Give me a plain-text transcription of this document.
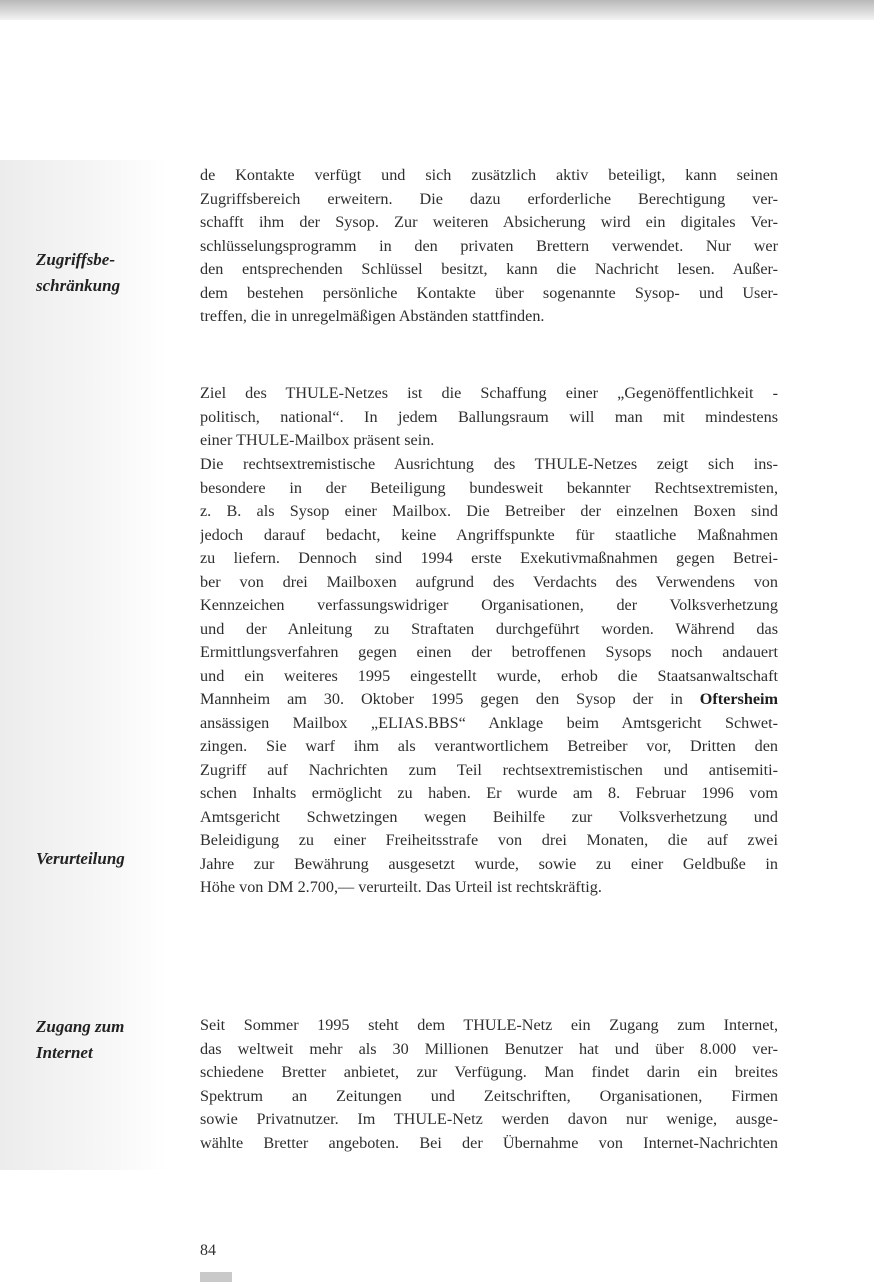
Zugriffsbe-
schränkung
Verurteilung
Zugang zum
Internet
de Kontakte verfügt und sich zusätzlich aktiv beteiligt, kann seinen
Zugriffsbereich erweitern. Die dazu erforderliche Berechtigung ver-
schafft ihm der Sysop. Zur weiteren Absicherung wird ein digitales Ver-
schlüsselungsprogramm in den privaten Brettern verwendet. Nur wer
den entsprechenden Schlüssel besitzt, kann die Nachricht lesen. Außer-
dem bestehen persönliche Kontakte über sogenannte Sysop- und User-
treffen, die in unregelmäßigen Abständen stattfinden.
Ziel des THULE-Netzes ist die Schaffung einer „Gegenöffentlichkeit -
politisch, national“. In jedem Ballungsraum will man mit mindestens
einer THULE-Mailbox präsent sein.
Die rechtsextremistische Ausrichtung des THULE-Netzes zeigt sich ins-
besondere in der Beteiligung bundesweit bekannter Rechtsextremisten,
z. B. als Sysop einer Mailbox. Die Betreiber der einzelnen Boxen sind
jedoch darauf bedacht, keine Angriffspunkte für staatliche Maßnahmen
zu liefern. Dennoch sind 1994 erste Exekutivmaßnahmen gegen Betrei-
ber von drei Mailboxen aufgrund des Verdachts des Verwendens von
Kennzeichen verfassungswidriger Organisationen, der Volksverhetzung
und der Anleitung zu Straftaten durchgeführt worden. Während das
Ermittlungsverfahren gegen einen der betroffenen Sysops noch andauert
und ein weiteres 1995 eingestellt wurde, erhob die Staatsanwaltschaft
Mannheim am 30. Oktober 1995 gegen den Sysop der in Oftersheim
ansässigen Mailbox „ELIAS.BBS“ Anklage beim Amtsgericht Schwet-
zingen. Sie warf ihm als verantwortlichem Betreiber vor, Dritten den
Zugriff auf Nachrichten zum Teil rechtsextremistischen und antisemiti-
schen Inhalts ermöglicht zu haben. Er wurde am 8. Februar 1996 vom
Amtsgericht Schwetzingen wegen Beihilfe zur Volksverhetzung und
Beleidigung zu einer Freiheitsstrafe von drei Monaten, die auf zwei
Jahre zur Bewährung ausgesetzt wurde, sowie zu einer Geldbuße in
Höhe von DM 2.700,— verurteilt. Das Urteil ist rechtskräftig.
Seit Sommer 1995 steht dem THULE-Netz ein Zugang zum Internet,
das weltweit mehr als 30 Millionen Benutzer hat und über 8.000 ver-
schiedene Bretter anbietet, zur Verfügung. Man findet darin ein breites
Spektrum an Zeitungen und Zeitschriften, Organisationen, Firmen
sowie Privatnutzer. Im THULE-Netz werden davon nur wenige, ausge-
wählte Bretter angeboten. Bei der Übernahme von Internet-Nachrichten
84
